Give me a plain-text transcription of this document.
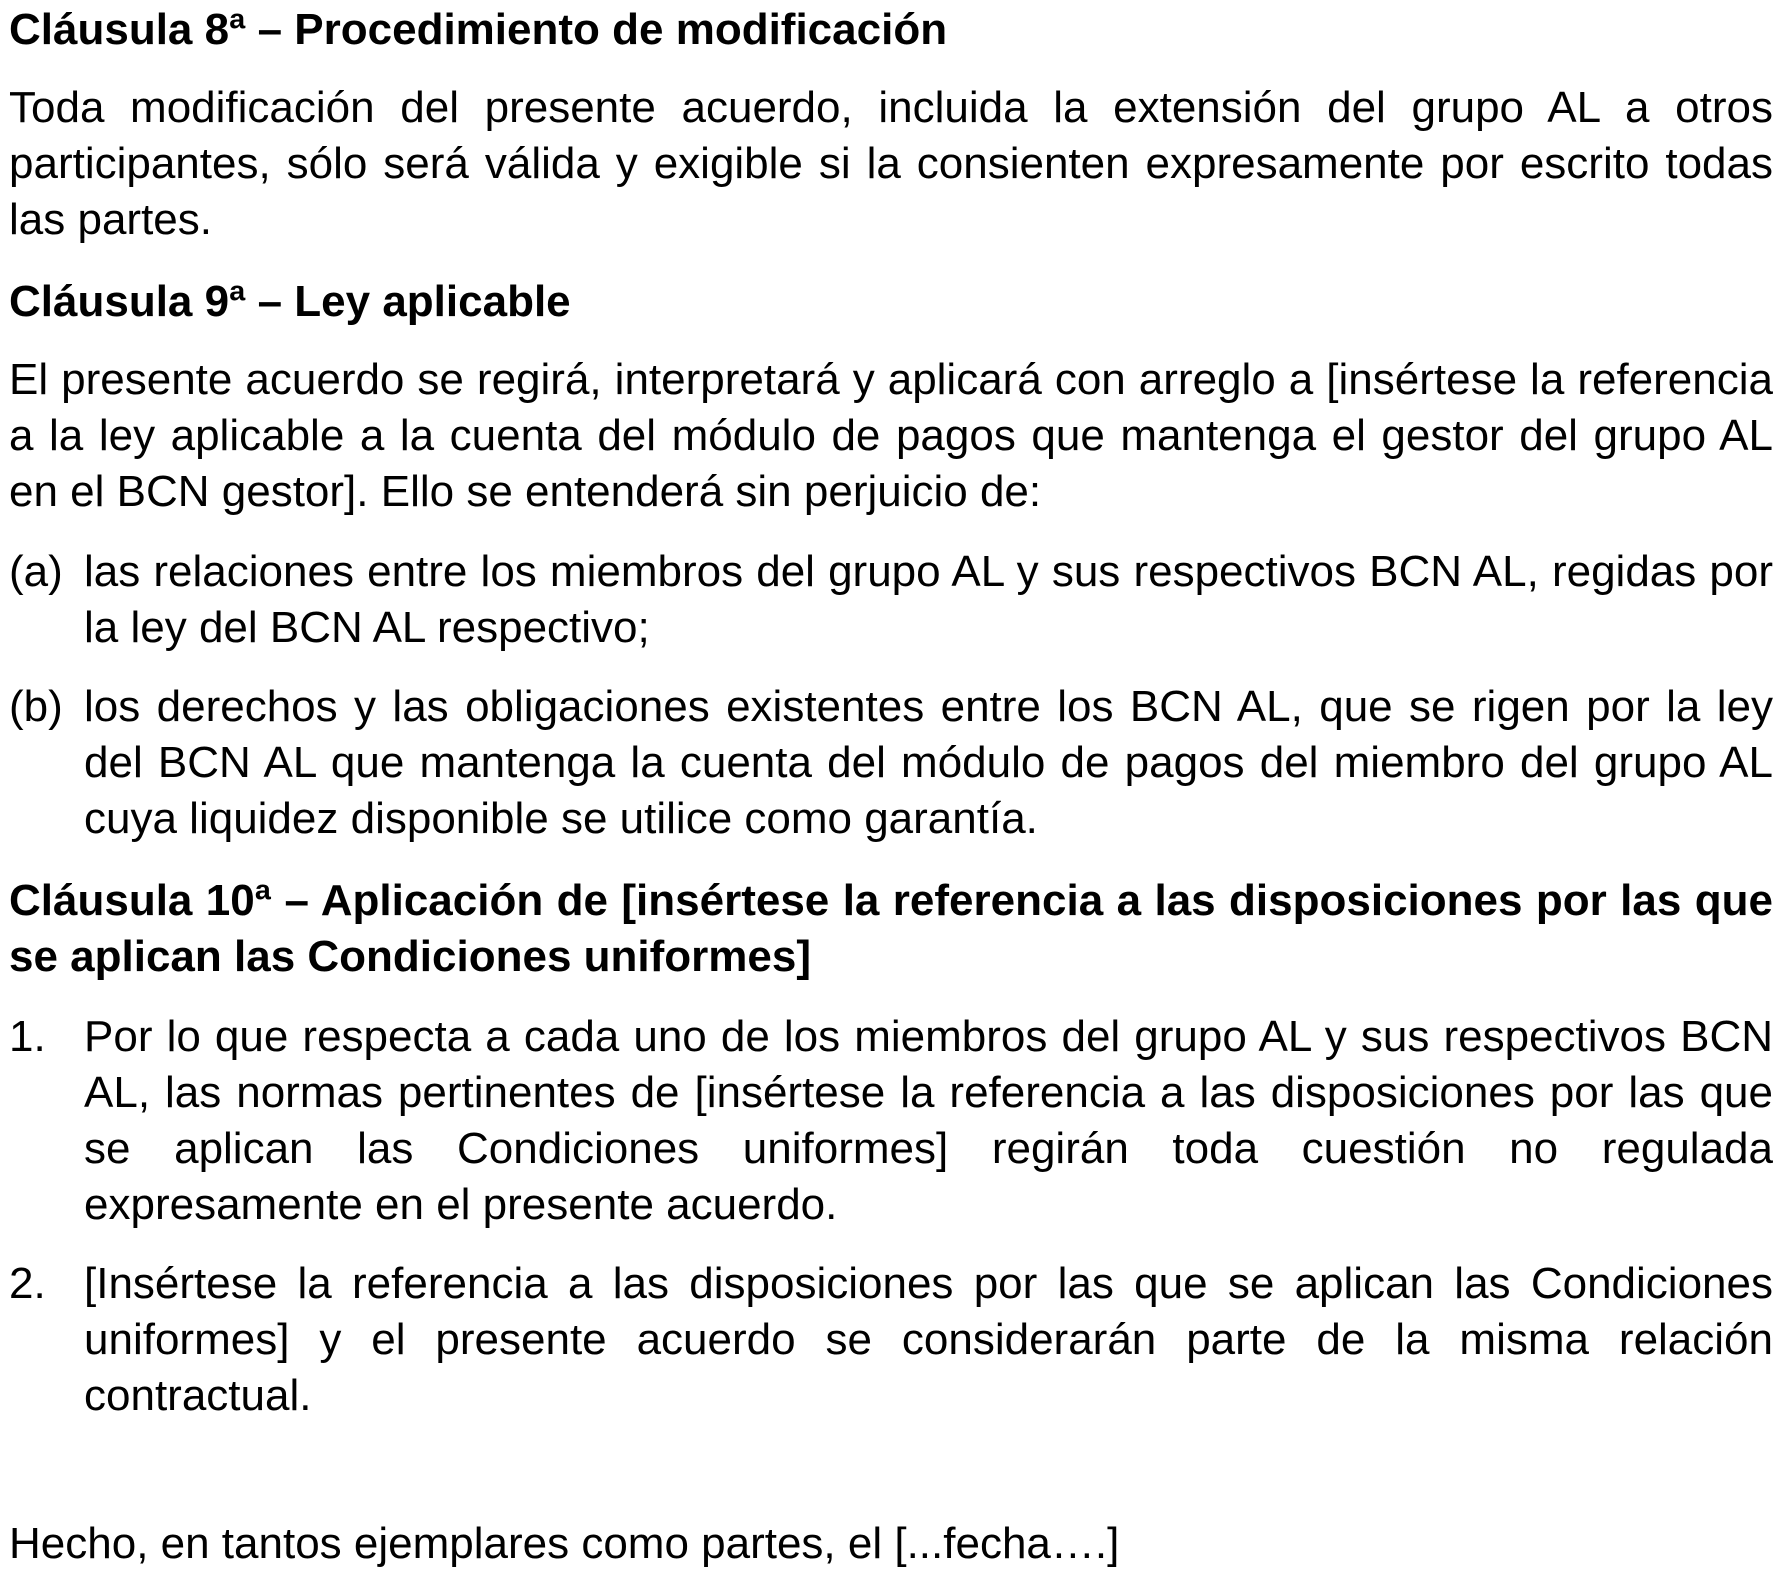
Cláusula 8ª – Procedimiento de modificación

Toda modificación del presente acuerdo, incluida la extensión del grupo AL a otros participantes, sólo será válida y exigible si la consienten expresamente por escrito todas las partes.

Cláusula 9ª – Ley aplicable

El presente acuerdo se regirá, interpretará y aplicará con arreglo a [insértese la referencia a la ley aplicable a la cuenta del módulo de pagos que mantenga el gestor del grupo AL en el BCN gestor]. Ello se entenderá sin perjuicio de:

(a) las relaciones entre los miembros del grupo AL y sus respectivos BCN AL, regidas por la ley del BCN AL respectivo;
(b) los derechos y las obligaciones existentes entre los BCN AL, que se rigen por la ley del BCN AL que mantenga la cuenta del módulo de pagos del miembro del grupo AL cuya liquidez disponible se utilice como garantía.
Cláusula 10ª – Aplicación de [insértese la referencia a las disposiciones por las que se aplican las Condiciones uniformes]
1. Por lo que respecta a cada uno de los miembros del grupo AL y sus respectivos BCN AL, las normas pertinentes de [insértese la referencia a las disposiciones por las que se aplican las Condiciones uniformes] regirán toda cuestión no regulada expresamente en el presente acuerdo.
2. [Insértese la referencia a las disposiciones por las que se aplican las Condiciones uniformes] y el presente acuerdo se considerarán parte de la misma relación contractual.

Hecho, en tantos ejemplares como partes, el [...fecha….]
